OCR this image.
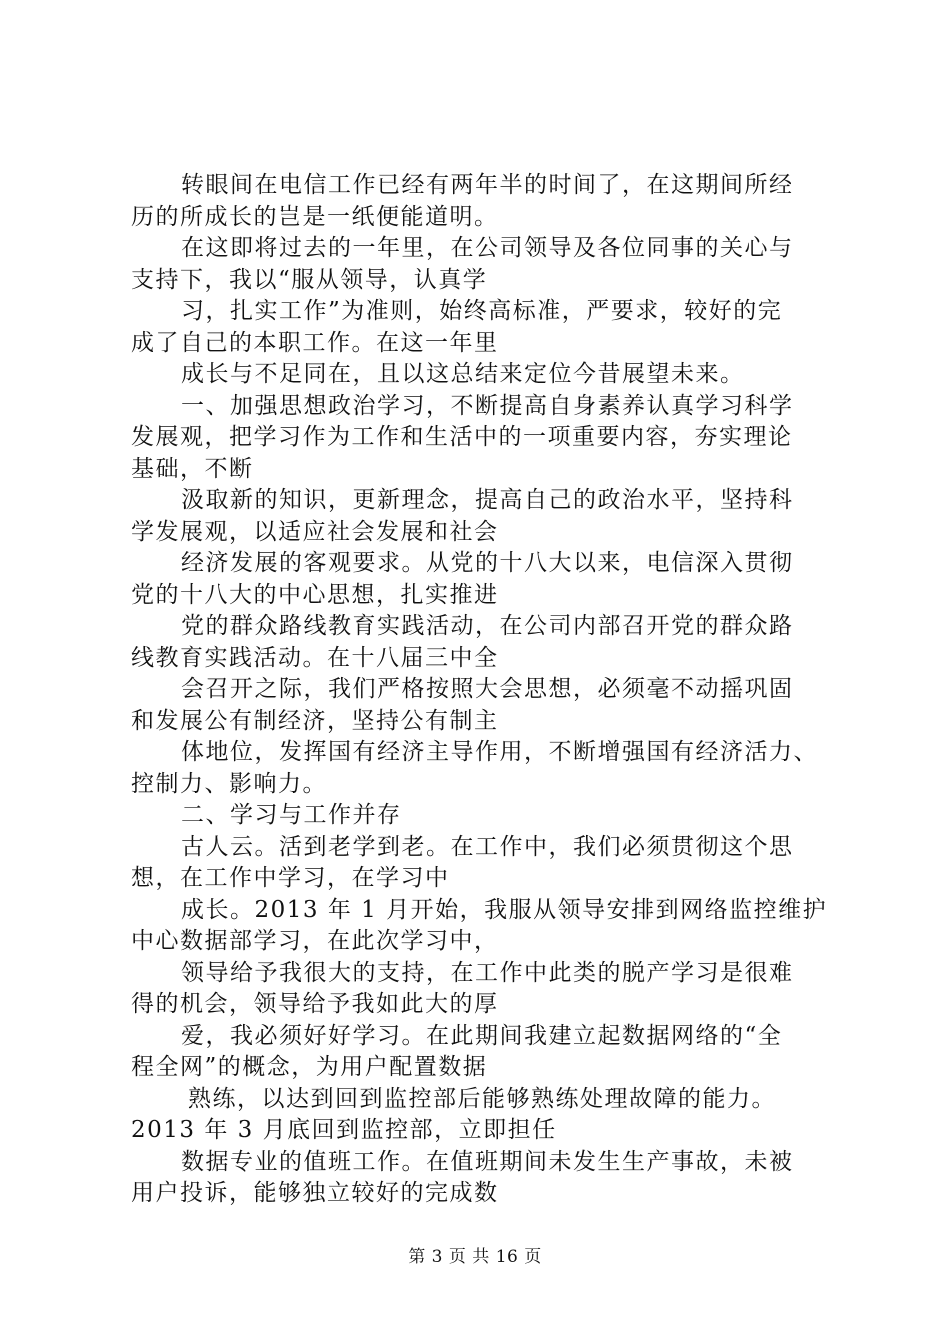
转眼间在电信工作已经有两年半的时间了，在这期间所经
历的所成长的岂是一纸便能道明。
在这即将过去的一年里，在公司领导及各位同事的关心与
支持下，我以“服从领导，认真学
习，扎实工作”为准则，始终高标准，严要求，较好的完
成了自己的本职工作。在这一年里
成长与不足同在，且以这总结来定位今昔展望未来。
一、加强思想政治学习，不断提高自身素养认真学习科学
发展观，把学习作为工作和生活中的一项重要内容，夯实理论
基础，不断
汲取新的知识，更新理念，提高自己的政治水平，坚持科
学发展观，以适应社会发展和社会
经济发展的客观要求。从党的十八大以来，电信深入贯彻
党的十八大的中心思想，扎实推进
党的群众路线教育实践活动，在公司内部召开党的群众路
线教育实践活动。在十八届三中全
会召开之际，我们严格按照大会思想，必须毫不动摇巩固
和发展公有制经济，坚持公有制主
体地位，发挥国有经济主导作用，不断增强国有经济活力、
控制力、影响力。
二、学习与工作并存
古人云。活到老学到老。在工作中，我们必须贯彻这个思
想，在工作中学习，在学习中
成长。2013 年 1 月开始，我服从领导安排到网络监控维护
中心数据部学习，在此次学习中，
领导给予我很大的支持，在工作中此类的脱产学习是很难
得的机会，领导给予我如此大的厚
爱，我必须好好学习。在此期间我建立起数据网络的“全
程全网”的概念，为用户配置数据
熟练，以达到回到监控部后能够熟练处理故障的能力。
2013 年 3 月底回到监控部，立即担任
数据专业的值班工作。在值班期间未发生生产事故，未被
用户投诉，能够独立较好的完成数
第 3 页 共 16 页
